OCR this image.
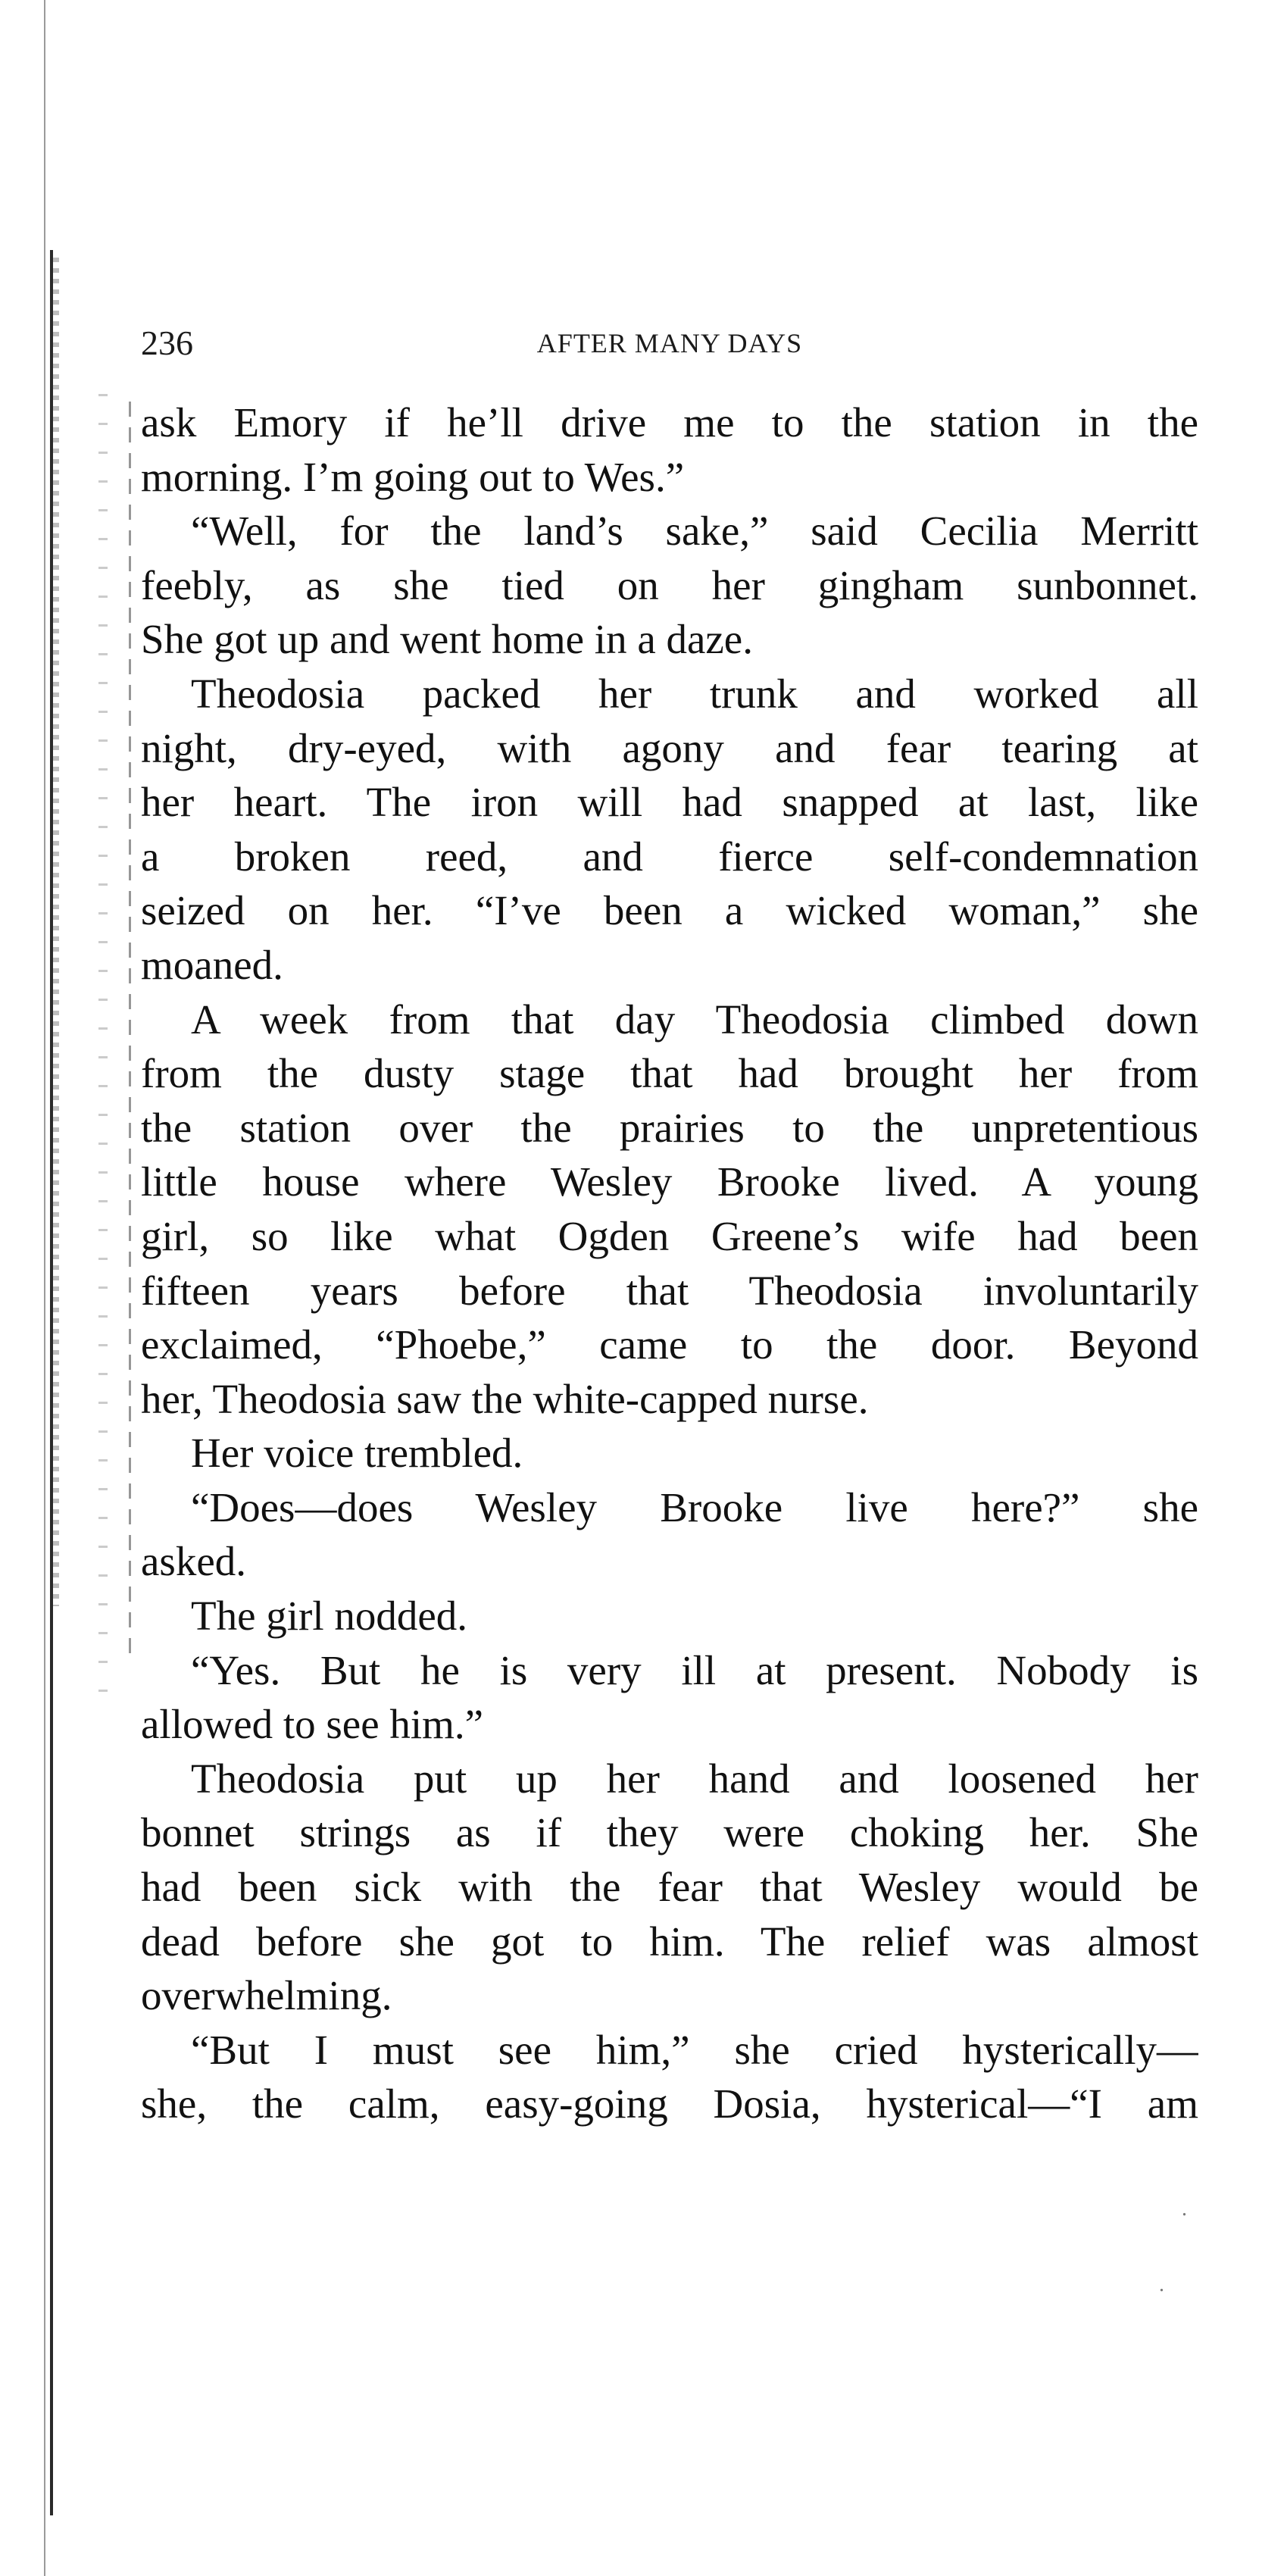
236	AFTER MANY DAYS
ask Emory if he’ll drive me to the station in the
morning. I’m going out to Wes.”
“Well, for the land’s sake,” said Cecilia Merritt
feebly, as she tied on her gingham sunbonnet.
She got up and went home in a daze.
Theodosia packed her trunk and worked all
night, dry-eyed, with agony and fear tearing at
her heart. The iron will had snapped at last, like
a broken reed, and fierce self-condemnation
seized on her. “I’ve been a wicked woman,” she
moaned.
A week from that day Theodosia climbed down
from the dusty stage that had brought her from
the station over the prairies to the unpretentious
little house where Wesley Brooke lived. A young
girl, so like what Ogden Greene’s wife had been
fifteen years before that Theodosia involuntarily
exclaimed, “Phoebe,” came to the door. Beyond
her, Theodosia saw the white-capped nurse.
Her voice trembled.
“Does—does Wesley Brooke live here?” she
asked.
The girl nodded.
“Yes. But he is very ill at present. Nobody is
allowed to see him.”
Theodosia put up her hand and loosened her
bonnet strings as if they were choking her. She
had been sick with the fear that Wesley would be
dead before she got to him. The relief was almost
overwhelming.
“But I must see him,” she cried hysterically—
she, the calm, easy-going Dosia, hysterical—“I am
.
.
